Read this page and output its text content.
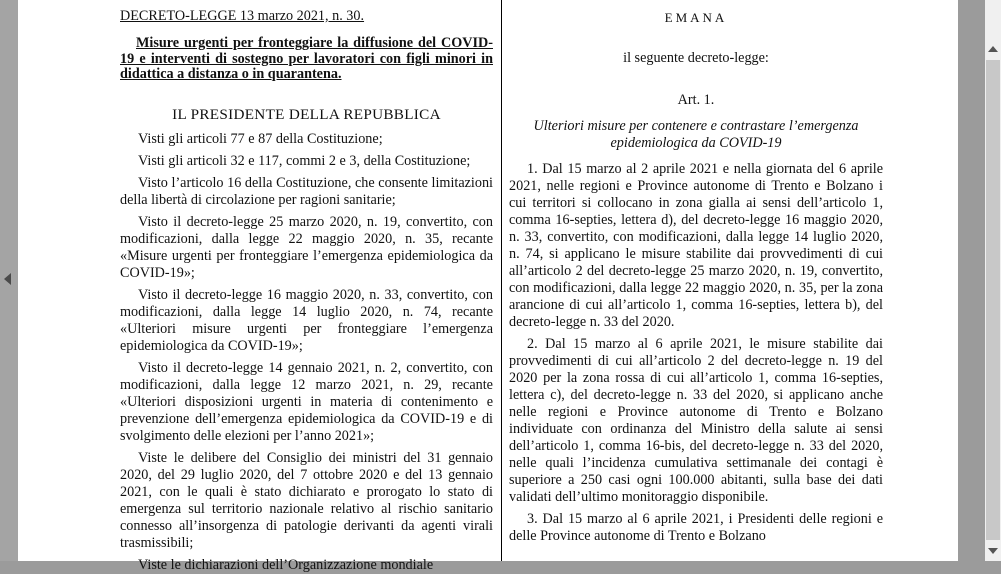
DECRETO-LEGGE 13 marzo 2021, n. 30.
Misure urgenti per fronteggiare la diffusione del COVID-19 e interventi di sostegno per lavoratori con figli minori in didattica a distanza o in quarantena.
IL PRESIDENTE DELLA REPUBBLICA

Visti gli articoli 77 e 87 della Costituzione;

Visti gli articoli 32 e 117, commi 2 e 3, della Costituzione;

Visto l’articolo 16 della Costituzione, che consente limitazioni della libertà di circolazione per ragioni sanitarie;

Visto il decreto-legge 25 marzo 2020, n. 19, convertito, con modificazioni, dalla legge 22 maggio 2020, n. 35, recante «Misure urgenti per fronteggiare l’emergenza epidemiologica da COVID-19»;

Visto il decreto-legge 16 maggio 2020, n. 33, convertito, con modificazioni, dalla legge 14 luglio 2020, n. 74, recante «Ulteriori misure urgenti per fronteggiare l’emergenza epidemiologica da COVID-19»;

Visto il decreto-legge 14 gennaio 2021, n. 2, convertito, con modificazioni, dalla legge 12 marzo 2021, n. 29, recante «Ulteriori disposizioni urgenti in materia di contenimento e prevenzione dell’emergenza epidemiologica da COVID-19 e di svolgimento delle elezioni per l’anno 2021»;

Viste le delibere del Consiglio dei ministri del 31 gennaio 2020, del 29 luglio 2020, del 7 ottobre 2020 e del 13 gennaio 2021, con le quali è stato dichiarato e prorogato lo stato di emergenza sul territorio nazionale relativo al rischio sanitario connesso all’insorgenza di patologie derivanti da agenti virali trasmissibili;

Viste le dichiarazioni dell’Organizzazione mondiale

EMANA
il seguente decreto-legge:
Art. 1.
Ulteriori misure per contenere e contrastare l’emergenza epidemiologica da COVID-19

1. Dal 15 marzo al 2 aprile 2021 e nella giornata del 6 aprile 2021, nelle regioni e Province autonome di Trento e Bolzano i cui territori si collocano in zona gialla ai sensi dell’articolo 1, comma 16-septies, lettera d), del decreto-legge 16 maggio 2020, n. 33, convertito, con modificazioni, dalla legge 14 luglio 2020, n. 74, si applicano le misure stabilite dai provvedimenti di cui all’articolo 2 del decreto-legge 25 marzo 2020, n. 19, convertito, con modificazioni, dalla legge 22 maggio 2020, n. 35, per la zona arancione di cui all’articolo 1, comma 16-septies, lettera b), del decreto-legge n. 33 del 2020.

2. Dal 15 marzo al 6 aprile 2021, le misure stabilite dai provvedimenti di cui all’articolo 2 del decreto-legge n. 19 del 2020 per la zona rossa di cui all’articolo 1, comma 16-septies, lettera c), del decreto-legge n. 33 del 2020, si applicano anche nelle regioni e Province autonome di Trento e Bolzano individuate con ordinanza del Ministro della salute ai sensi dell’articolo 1, comma 16-bis, del decreto-legge n. 33 del 2020, nelle quali l’incidenza cumulativa settimanale dei contagi è superiore a 250 casi ogni 100.000 abitanti, sulla base dei dati validati dell’ultimo monitoraggio disponibile.

3. Dal 15 marzo al 6 aprile 2021, i Presidenti delle regioni e delle Province autonome di Trento e Bolzano
